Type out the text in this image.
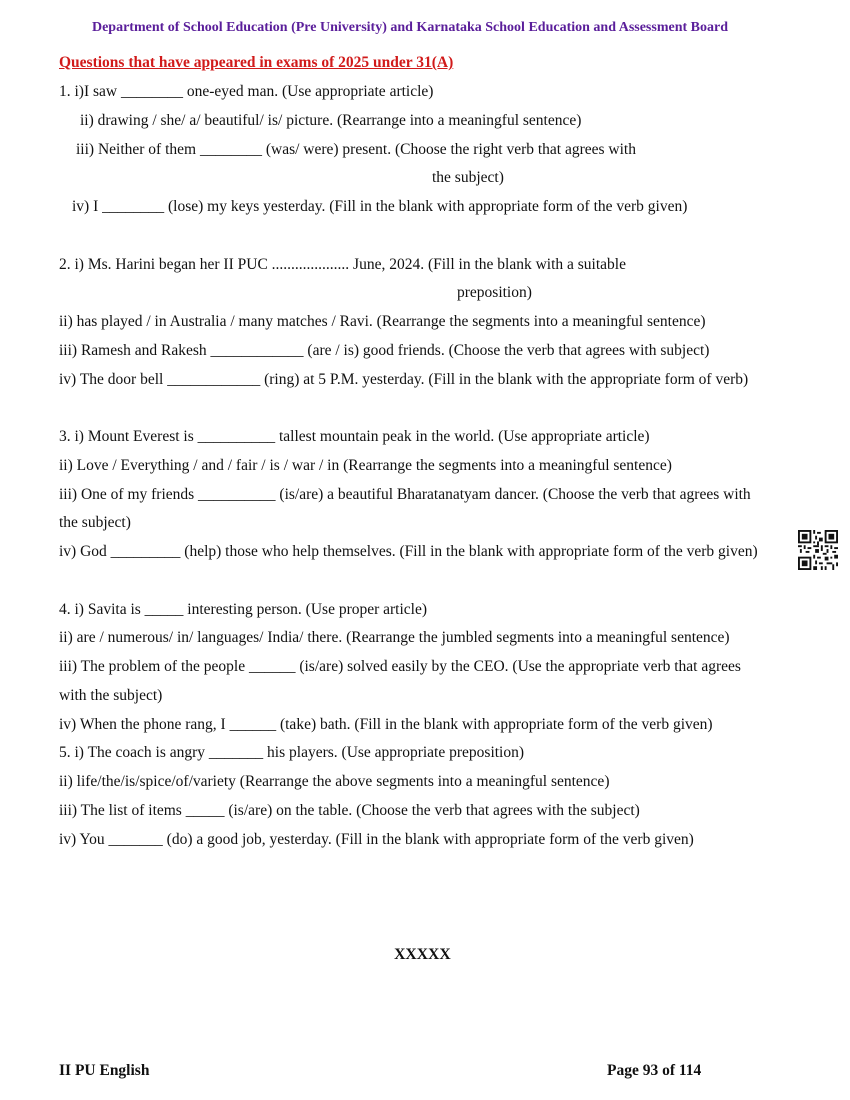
Department of School Education (Pre University) and Karnataka School Education and Assessment Board
Questions that have appeared in exams of 2025 under 31(A)
1. i)I saw ________ one-eyed man. (Use appropriate article)
ii) drawing / she/ a/ beautiful/ is/ picture. (Rearrange into a meaningful sentence)
iii) Neither of them ________ (was/ were) present. (Choose the right verb that agrees with
the subject)
iv) I ________ (lose) my keys yesterday. (Fill in the blank with appropriate form of the verb given)
2. i) Ms. Harini began her II PUC .................... June, 2024. (Fill in the blank with a suitable
preposition)
ii) has played / in Australia / many matches / Ravi. (Rearrange the segments into a meaningful sentence)
iii) Ramesh and Rakesh ____________ (are / is) good friends. (Choose the verb that agrees with subject)
iv) The door bell ____________ (ring) at 5 P.M. yesterday. (Fill in the blank with the appropriate form of verb)
3. i) Mount Everest is __________ tallest mountain peak in the world. (Use appropriate article)
ii) Love / Everything / and / fair / is / war / in (Rearrange the segments into a meaningful sentence)
iii) One of my friends __________ (is/are) a beautiful Bharatanatyam dancer. (Choose the verb that agrees with
the subject)
iv) God _________ (help) those who help themselves. (Fill in the blank with appropriate form of the verb given)
4. i) Savita is _____ interesting person. (Use proper article)
ii) are / numerous/ in/ languages/ India/ there. (Rearrange the jumbled segments into a meaningful sentence)
iii) The problem of the people ______ (is/are) solved easily by the CEO. (Use the appropriate verb that agrees
with the subject)
iv) When the phone rang, I ______ (take) bath. (Fill in the blank with appropriate form of the verb given)
5. i) The coach is angry _______ his players. (Use appropriate preposition)
ii) life/the/is/spice/of/variety (Rearrange the above segments into a meaningful sentence)
iii) The list of items _____ (is/are) on the table. (Choose the verb that agrees with the subject)
iv) You _______ (do) a good job, yesterday. (Fill in the blank with appropriate form of the verb given)
XXXXX
II PU English	Page 93 of 114
